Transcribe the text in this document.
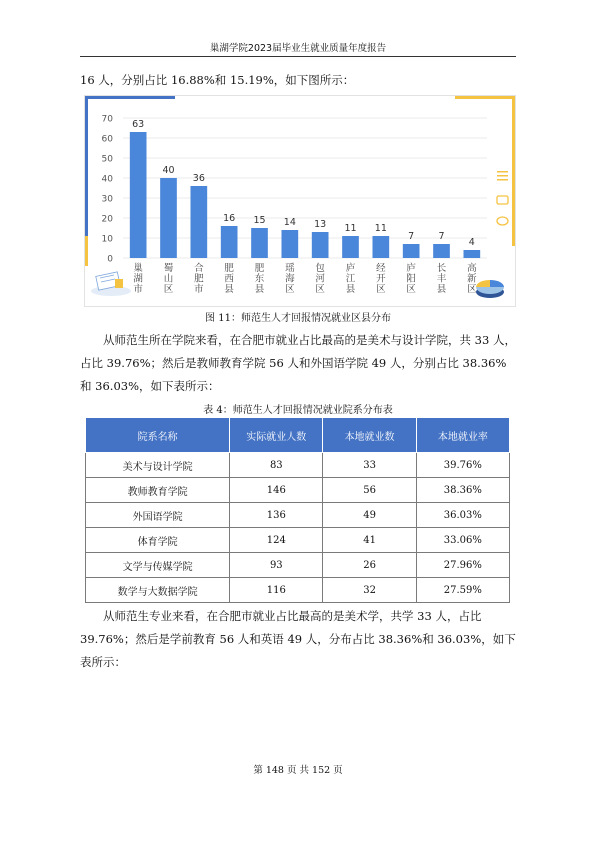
巢湖学院2023届毕业生就业质量年度报告

16 人，分别占比 16.88%和 15.19%，如下图所示：

0
10
20
30
40
50
60
70 63
巢湖市
40
蜀山区
36
合肥市
16
肥西县
15
肥东县
14
瑶海区
13
包河区
11
庐江县
11
经开区
7
庐阳区
7
长丰县
4
高新区
图 11：师范生人才回报情况就业区县分布

从师范生所在学院来看，在合肥市就业占比最高的是美术与设计学院，共 33 人，占比 39.76%；然后是教师教育学院 56 人和外国语学院 49 人，分别占比 38.36%和 36.03%，如下表所示：

表 4：师范生人才回报情况就业院系分布表
院系名称	实际就业人数	本地就业数	本地就业率
美术与设计学院	83	33	39.76%
教师教育学院	146	56	38.36%
外国语学院	136	49	36.03%
体育学院	124	41	33.06%
文学与传媒学院	93	26	27.96%
数学与大数据学院	116	32	27.59%

从师范生专业来看，在合肥市就业占比最高的是美术学，共学 33 人，占比 39.76%；然后是学前教育 56 人和英语 49 人，分布占比 38.36%和 36.03%，如下表所示：

第 148 页 共 152 页
